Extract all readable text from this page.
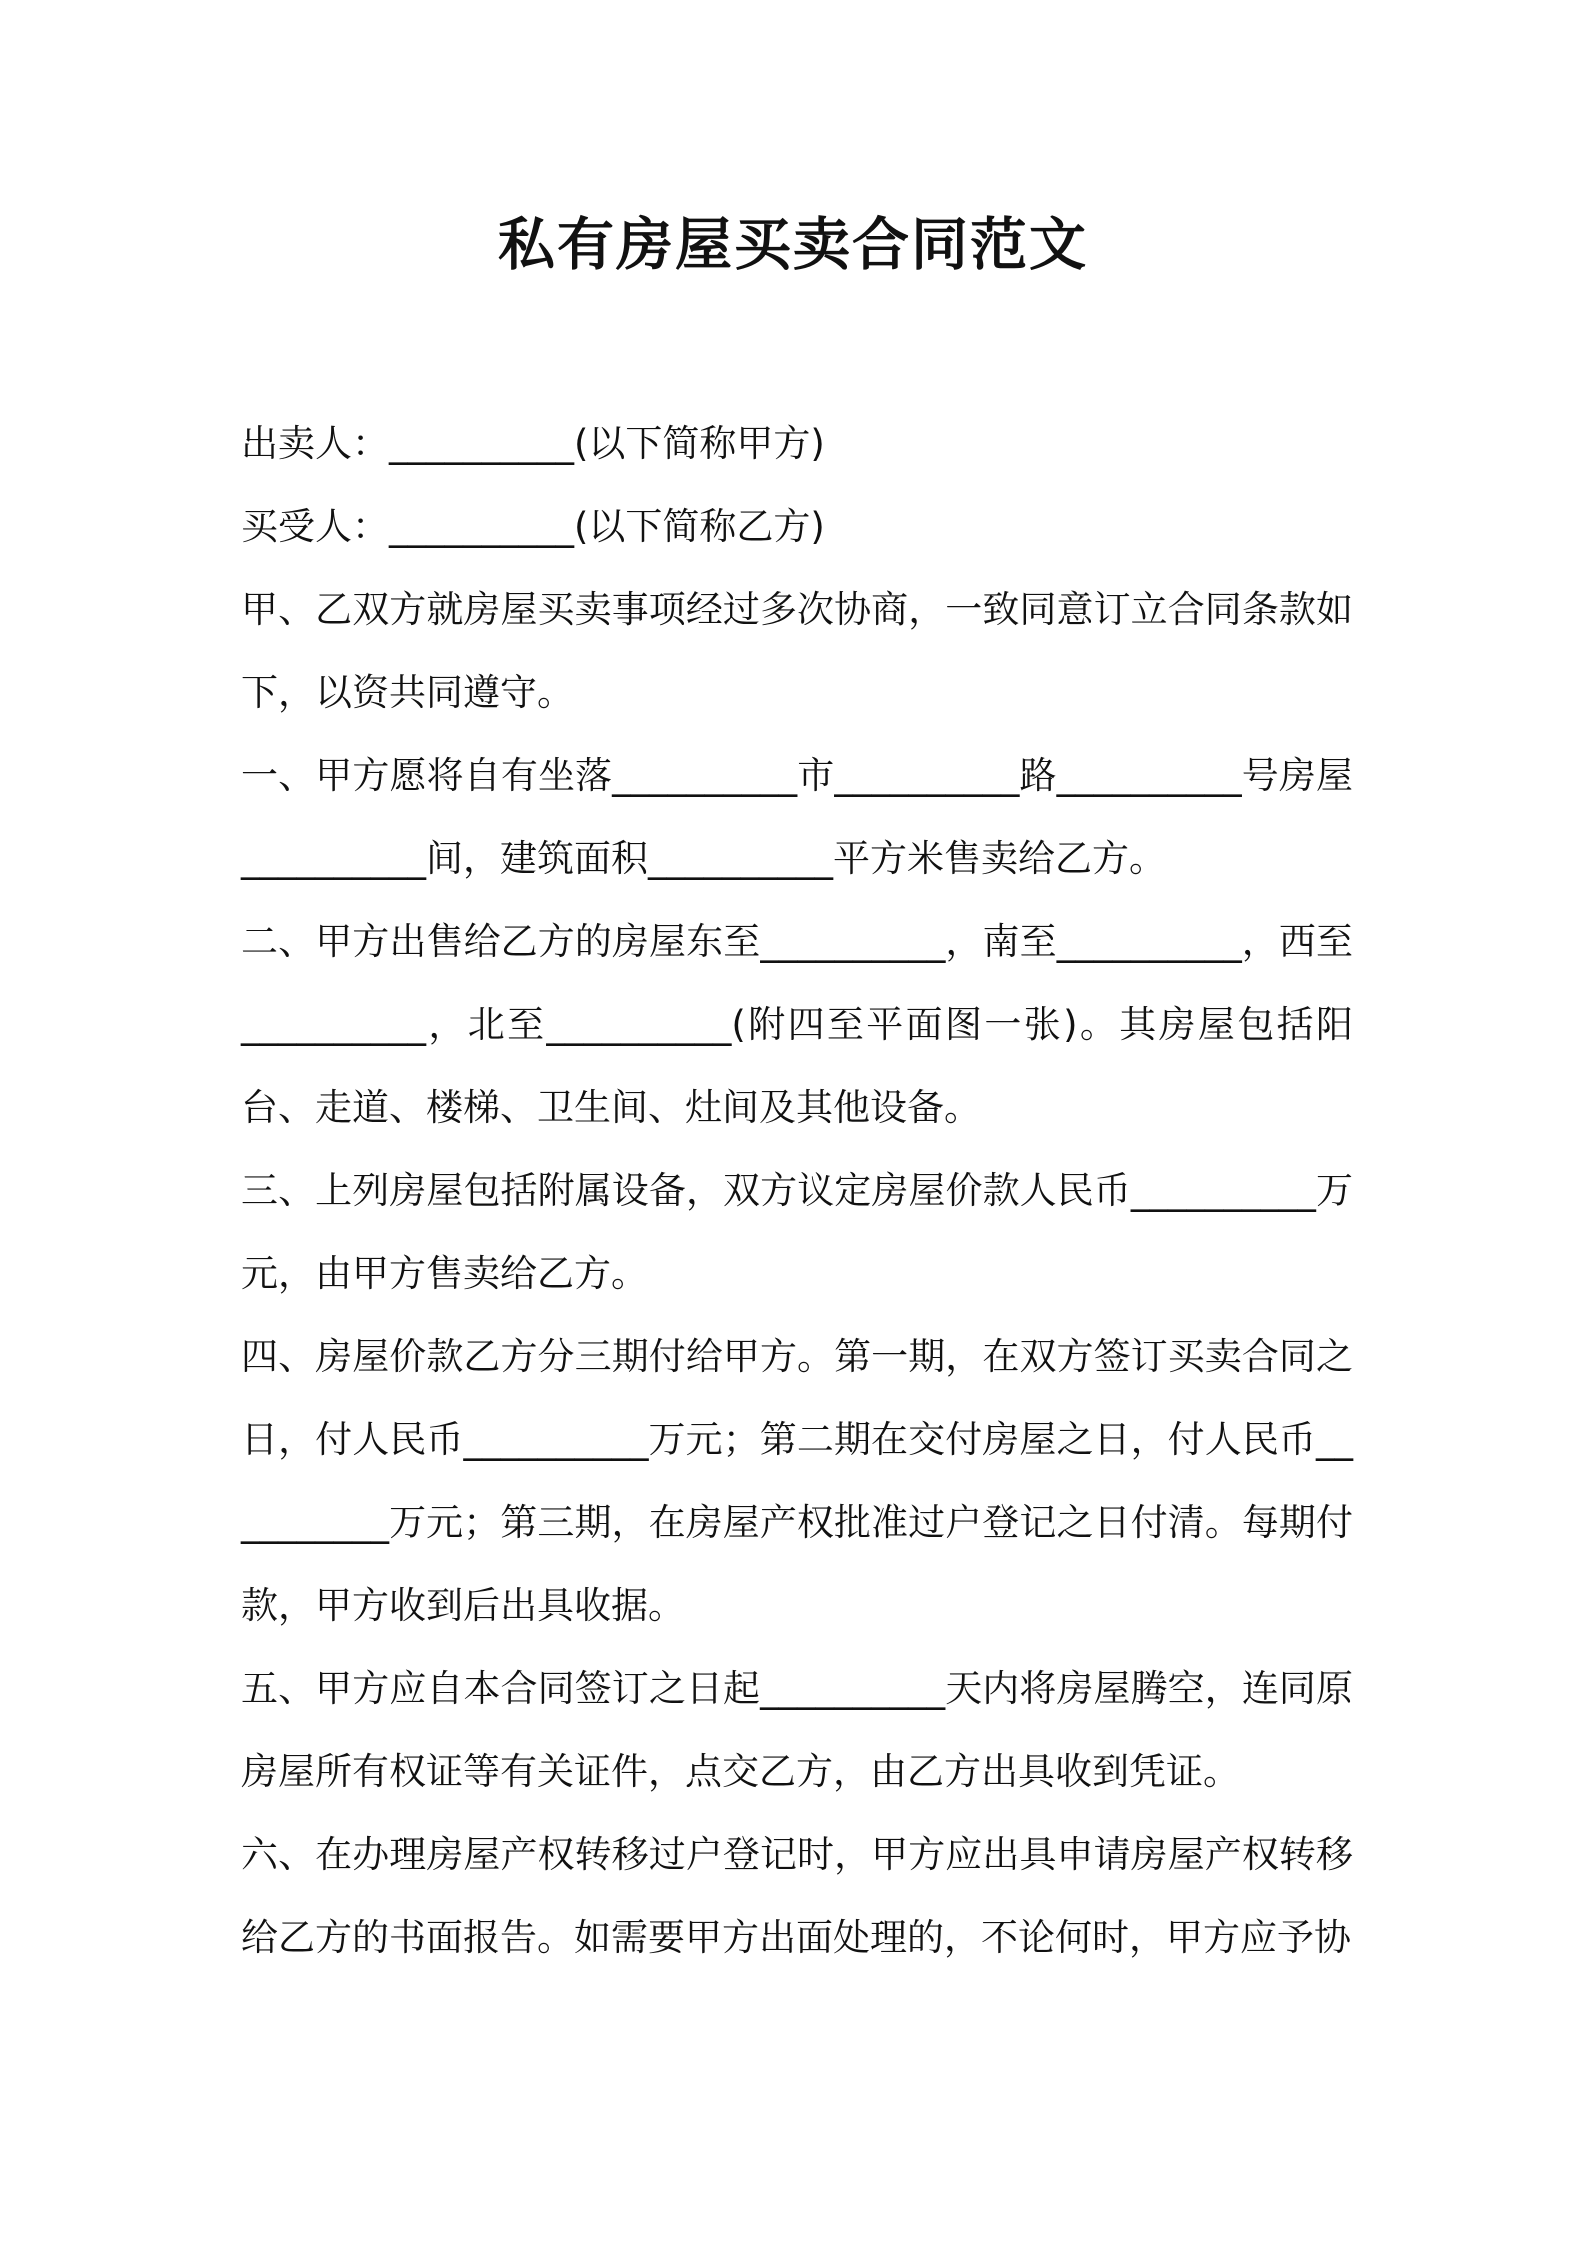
私有房屋买卖合同范文

出卖人：__________(以下简称甲方)

买受人：__________(以下简称乙方)

甲、乙双方就房屋买卖事项经过多次协商，一致同意订立合同条款如下，以资共同遵守。

一、甲方愿将自有坐落__________市__________路__________号房屋__________间，建筑面积__________平方米售卖给乙方。

二、甲方出售给乙方的房屋东至__________，南至__________，西至__________，北至__________(附四至平面图一张)。其房屋包括阳台、走道、楼梯、卫生间、灶间及其他设备。

三、上列房屋包括附属设备，双方议定房屋价款人民币__________万元，由甲方售卖给乙方。

四、房屋价款乙方分三期付给甲方。第一期，在双方签订买卖合同之日，付人民币__________万元；第二期在交付房屋之日，付人民币__________万元；第三期，在房屋产权批准过户登记之日付清。每期付款，甲方收到后出具收据。

五、甲方应自本合同签订之日起__________天内将房屋腾空，连同原房屋所有权证等有关证件，点交乙方，由乙方出具收到凭证。

六、在办理房屋产权转移过户登记时，甲方应出具申请房屋产权转移给乙方的书面报告。如需要甲方出面处理的，不论何时，甲方应予协
